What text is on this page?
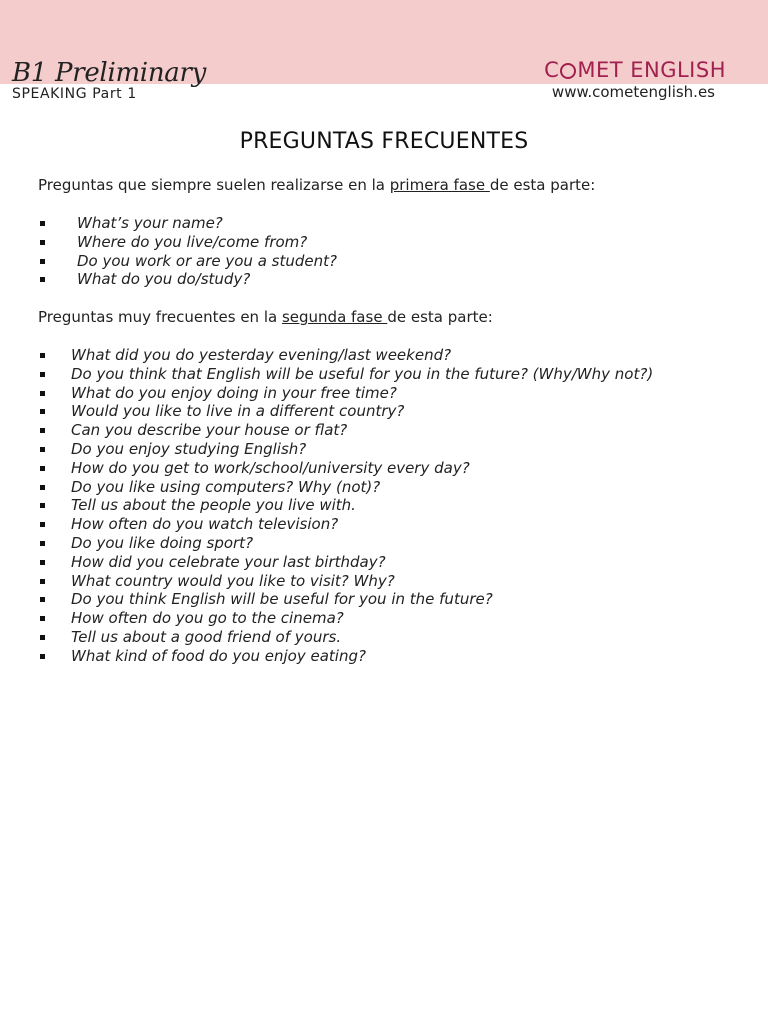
B1 Preliminary
SPEAKING Part 1
C MET ENGLISH
www.cometenglish.es
PREGUNTAS FRECUENTES

Preguntas que siempre suelen realizarse en la primera fase de esta parte:

What’s your name?
Where do you live/come from?
Do you work or are you a student?
What do you do/study?

Preguntas muy frecuentes en la segunda fase de esta parte:

What did you do yesterday evening/last weekend?
Do you think that English will be useful for you in the future? (Why/Why not?)
What do you enjoy doing in your free time?
Would you like to live in a different country?
Can you describe your house or flat?
Do you enjoy studying English?
How do you get to work/school/university every day?
Do you like using computers? Why (not)?
Tell us about the people you live with.
How often do you watch television?
Do you like doing sport?
How did you celebrate your last birthday?
What country would you like to visit? Why?
Do you think English will be useful for you in the future?
How often do you go to the cinema?
Tell us about a good friend of yours.
What kind of food do you enjoy eating?
